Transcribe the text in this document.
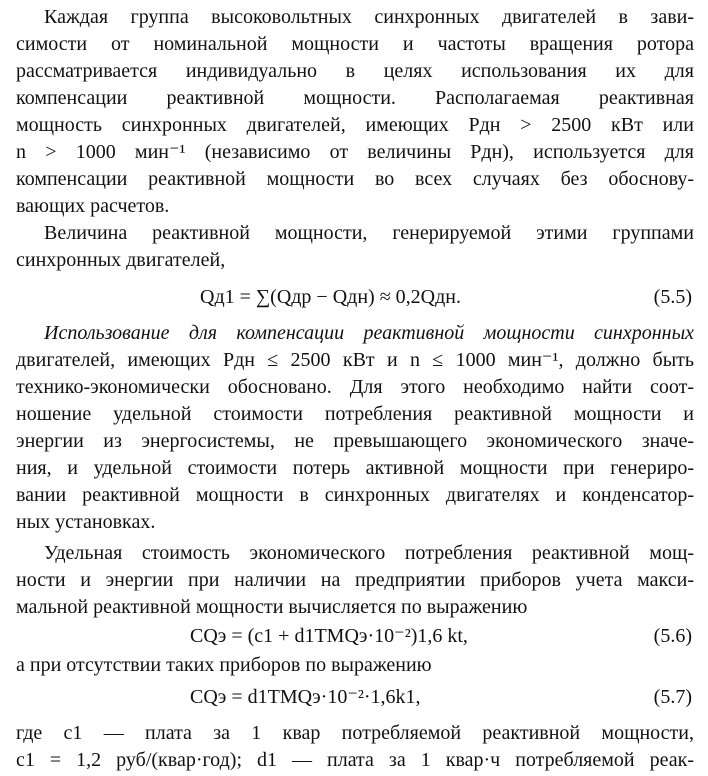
Каждая группа высоковольтных синхронных двигателей в зави-
симости от номинальной мощности и частоты вращения ротора
рассматривается индивидуально в целях использования их для
компенсации реактивной мощности. Располагаемая реактивная
мощность синхронных двигателей, имеющих Pдн > 2500 кВт или
n > 1000 мин⁻¹ (независимо от величины Pдн), используется для
компенсации реактивной мощности во всех случаях без обоснову-
вающих расчетов.
Величина реактивной мощности, генерируемой этими группами
синхронных двигателей,
Qд1 = ∑(Qдр − Qдн) ≈ 0,2Qдн.	(5.5)
Использование для компенсации реактивной мощности синхронных
двигателей, имеющих Pдн ≤ 2500 кВт и n ≤ 1000 мин⁻¹, должно быть
технико-экономически обосновано. Для этого необходимо найти соот-
ношение удельной стоимости потребления реактивной мощности и
энергии из энергосистемы, не превышающего экономического значе-
ния, и удельной стоимости потерь активной мощности при генериро-
вании реактивной мощности в синхронных двигателях и конденсатор-
ных установках.
Удельная стоимость экономического потребления реактивной мощ-
ности и энергии при наличии на предприятии приборов учета макси-
мальной реактивной мощности вычисляется по выражению
CQэ = (c1 + d1TMQэ·10⁻²)1,6 kt,	(5.6)
а при отсутствии таких приборов по выражению
CQэ = d1TMQэ·10⁻²·1,6k1,	(5.7)
где c1 — плата за 1 квар потребляемой реактивной мощности,
c1 = 1,2 руб/(квар·год); d1 — плата за 1 квар·ч потребляемой реак-
